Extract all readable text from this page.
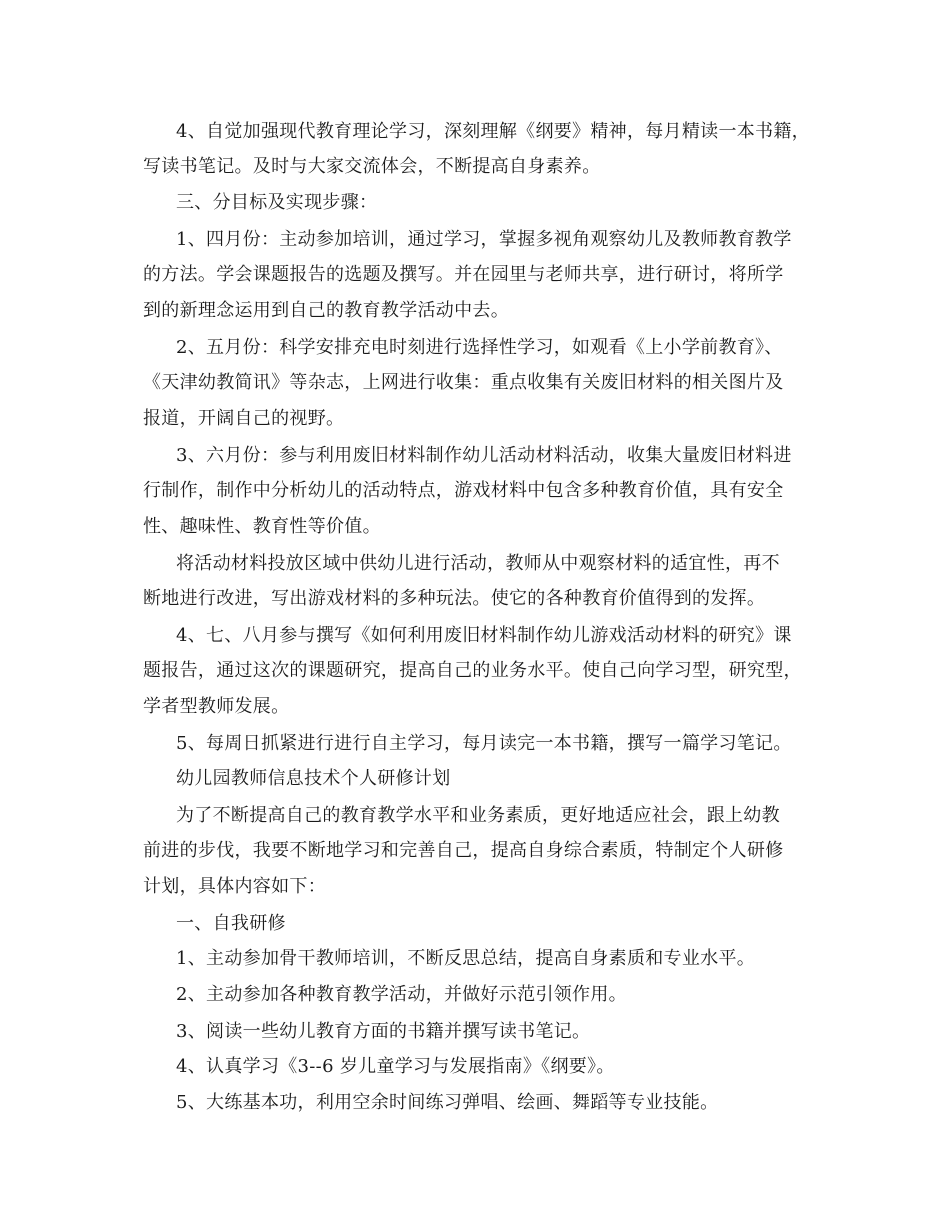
4、自觉加强现代教育理论学习，深刻理解《纲要》精神，每月精读一本书籍，
写读书笔记。及时与大家交流体会，不断提高自身素养。
三、分目标及实现步骤：
1、四月份：主动参加培训，通过学习，掌握多视角观察幼儿及教师教育教学
的方法。学会课题报告的选题及撰写。并在园里与老师共享，进行研讨，将所学
到的新理念运用到自己的教育教学活动中去。
2、五月份：科学安排充电时刻进行选择性学习，如观看《上小学前教育》、
《天津幼教简讯》等杂志，上网进行收集：重点收集有关废旧材料的相关图片及
报道，开阔自己的视野。
3、六月份：参与利用废旧材料制作幼儿活动材料活动，收集大量废旧材料进
行制作，制作中分析幼儿的活动特点，游戏材料中包含多种教育价值，具有安全
性、趣味性、教育性等价值。
将活动材料投放区域中供幼儿进行活动，教师从中观察材料的适宜性，再不
断地进行改进，写出游戏材料的多种玩法。使它的各种教育价值得到的发挥。
4、七、八月参与撰写《如何利用废旧材料制作幼儿游戏活动材料的研究》课
题报告，通过这次的课题研究，提高自己的业务水平。使自己向学习型，研究型，
学者型教师发展。
5、每周日抓紧进行进行自主学习，每月读完一本书籍，撰写一篇学习笔记。
幼儿园教师信息技术个人研修计划
为了不断提高自己的教育教学水平和业务素质，更好地适应社会，跟上幼教
前进的步伐，我要不断地学习和完善自己，提高自身综合素质，特制定个人研修
计划，具体内容如下：
一、自我研修
1、主动参加骨干教师培训，不断反思总结，提高自身素质和专业水平。
2、主动参加各种教育教学活动，并做好示范引领作用。
3、阅读一些幼儿教育方面的书籍并撰写读书笔记。
4、认真学习《3--6 岁儿童学习与发展指南》《纲要》。
5、大练基本功，利用空余时间练习弹唱、绘画、舞蹈等专业技能。
